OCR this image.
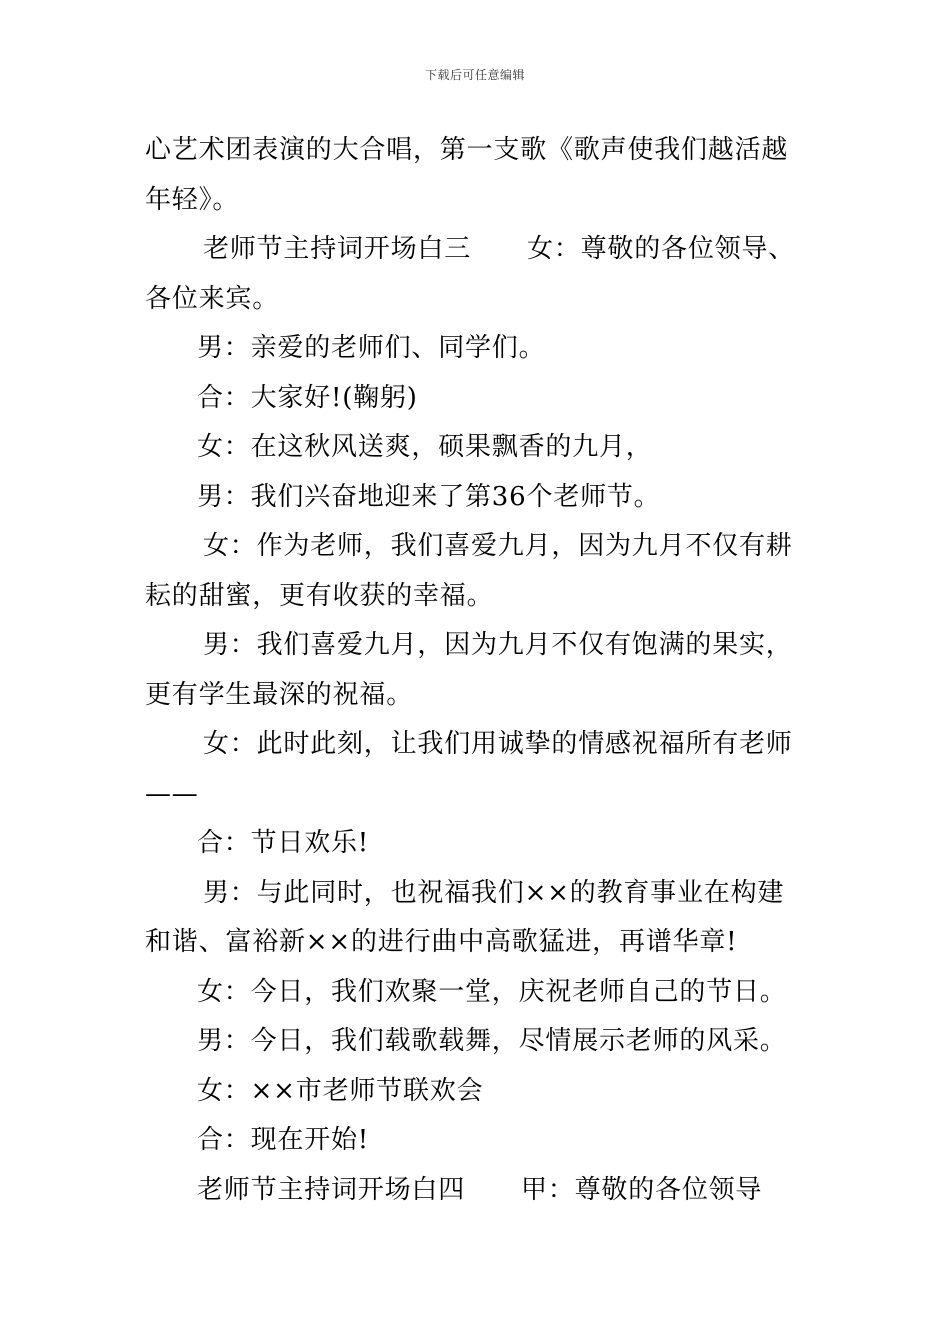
下载后可任意编辑

心艺术团表演的大合唱，第一支歌《歌声使我们越活越年轻》。

老师节主持词开场白三 女：尊敬的各位领导、各位来宾。

男：亲爱的老师们、同学们。

合：大家好!(鞠躬)

女：在这秋风送爽，硕果飘香的九月，

男：我们兴奋地迎来了第36个老师节。

女：作为老师，我们喜爱九月，因为九月不仅有耕耘的甜蜜，更有收获的幸福。

男：我们喜爱九月，因为九月不仅有饱满的果实，更有学生最深的祝福。

女：此时此刻，让我们用诚挚的情感祝福所有老师——

合：节日欢乐!

男：与此同时，也祝福我们××的教育事业在构建和谐、富裕新××的进行曲中高歌猛进，再谱华章!

女：今日，我们欢聚一堂，庆祝老师自己的节日。

男：今日，我们载歌载舞，尽情展示老师的风采。

女：××市老师节联欢会

合：现在开始!

老师节主持词开场白四 甲：尊敬的各位领导
